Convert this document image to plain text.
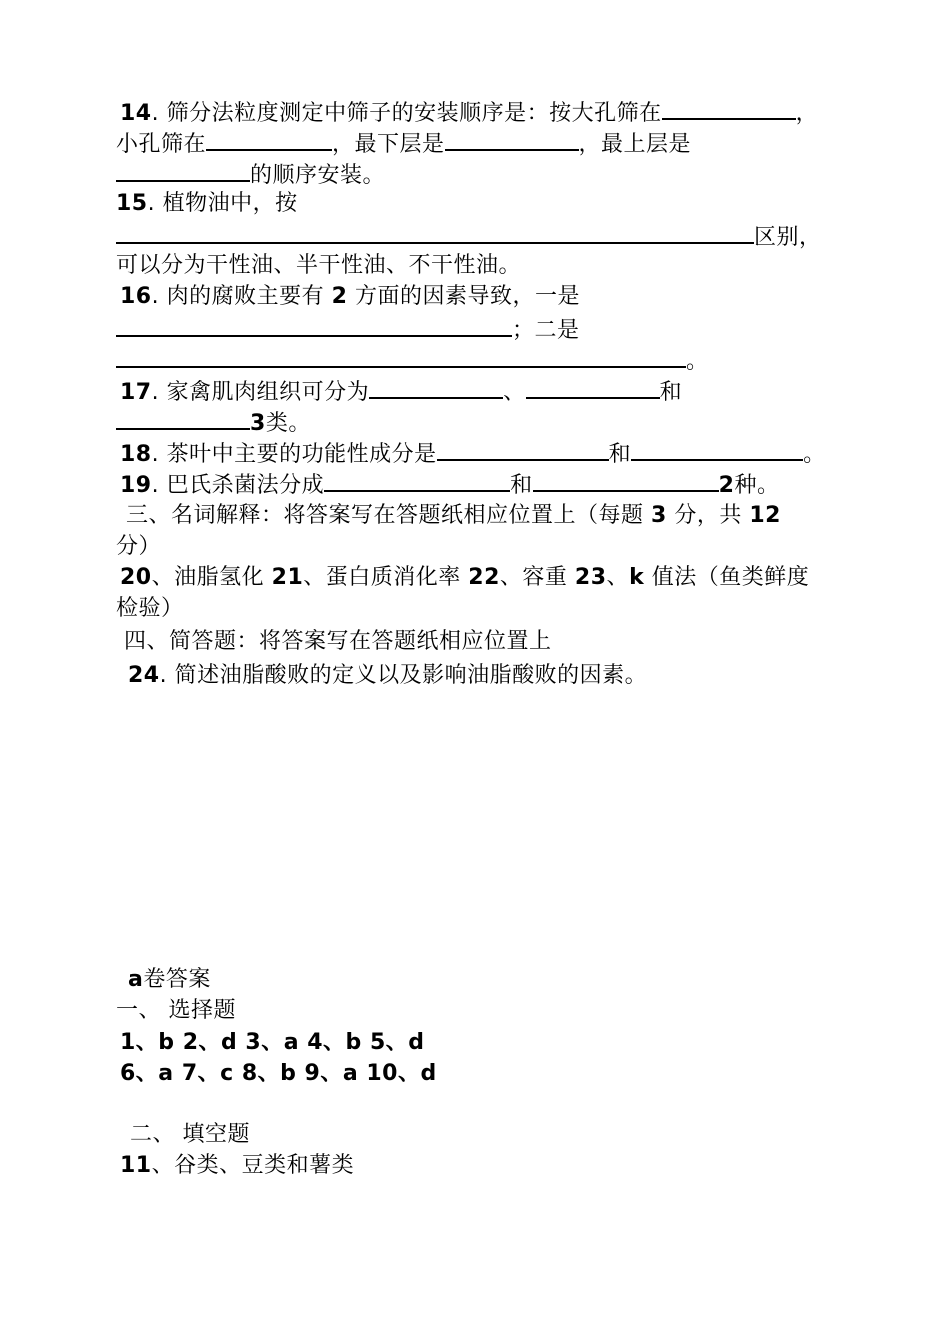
14. 筛分法粒度测定中筛子的安装顺序是：按大孔筛在	，
小孔筛在	，最下层是	，最上层是
的顺序安装。
15. 植物油中，按
区别，
可以分为干性油、半干性油、不干性油。
16. 肉的腐败主要有 2 方面的因素导致，一是
；二是
。
17. 家禽肌肉组织可分为	、	和
3类。
18. 茶叶中主要的功能性成分是	和	。
19. 巴氏杀菌法分成	和	2种。
三、名词解释：将答案写在答题纸相应位置上（每题 3 分，共 12
分）
20、油脂氢化 21、蛋白质消化率 22、容重 23、k 值法（鱼类鲜度
检验）
四、简答题：将答案写在答题纸相应位置上
24. 简述油脂酸败的定义以及影响油脂酸败的因素。
a卷答案
一、 选择题
1、b 2、d 3、a 4、b 5、d
6、a 7、c 8、b 9、a 10、d
二、 填空题
11、谷类、豆类和薯类
